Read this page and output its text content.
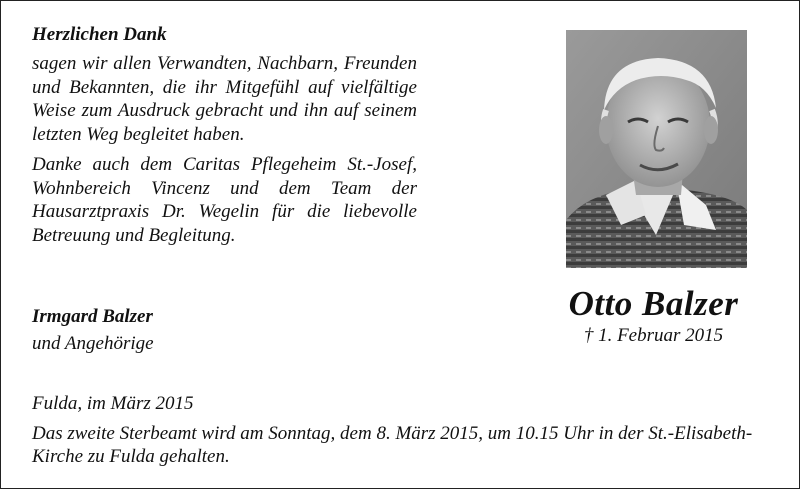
Herzlichen Dank

sagen wir allen Verwandten, Nachbarn, Freunden und Bekannten, die ihr Mitgefühl auf vielfältige Weise zum Ausdruck gebracht und ihn auf seinem letzten Weg begleitet haben.

Danke auch dem Caritas Pflegeheim St.-Josef, Wohnbereich Vincenz und dem Team der Hausarztpraxis Dr. Wegelin für die liebevolle Betreuung und Begleitung.

Irmgard Balzer
und Angehörige
Otto Balzer
† 1. Februar 2015
Fulda, im März 2015
Das zweite Sterbeamt wird am Sonntag, dem 8. März 2015, um 10.15 Uhr in der St.-Elisabeth-Kirche zu Fulda gehalten.
